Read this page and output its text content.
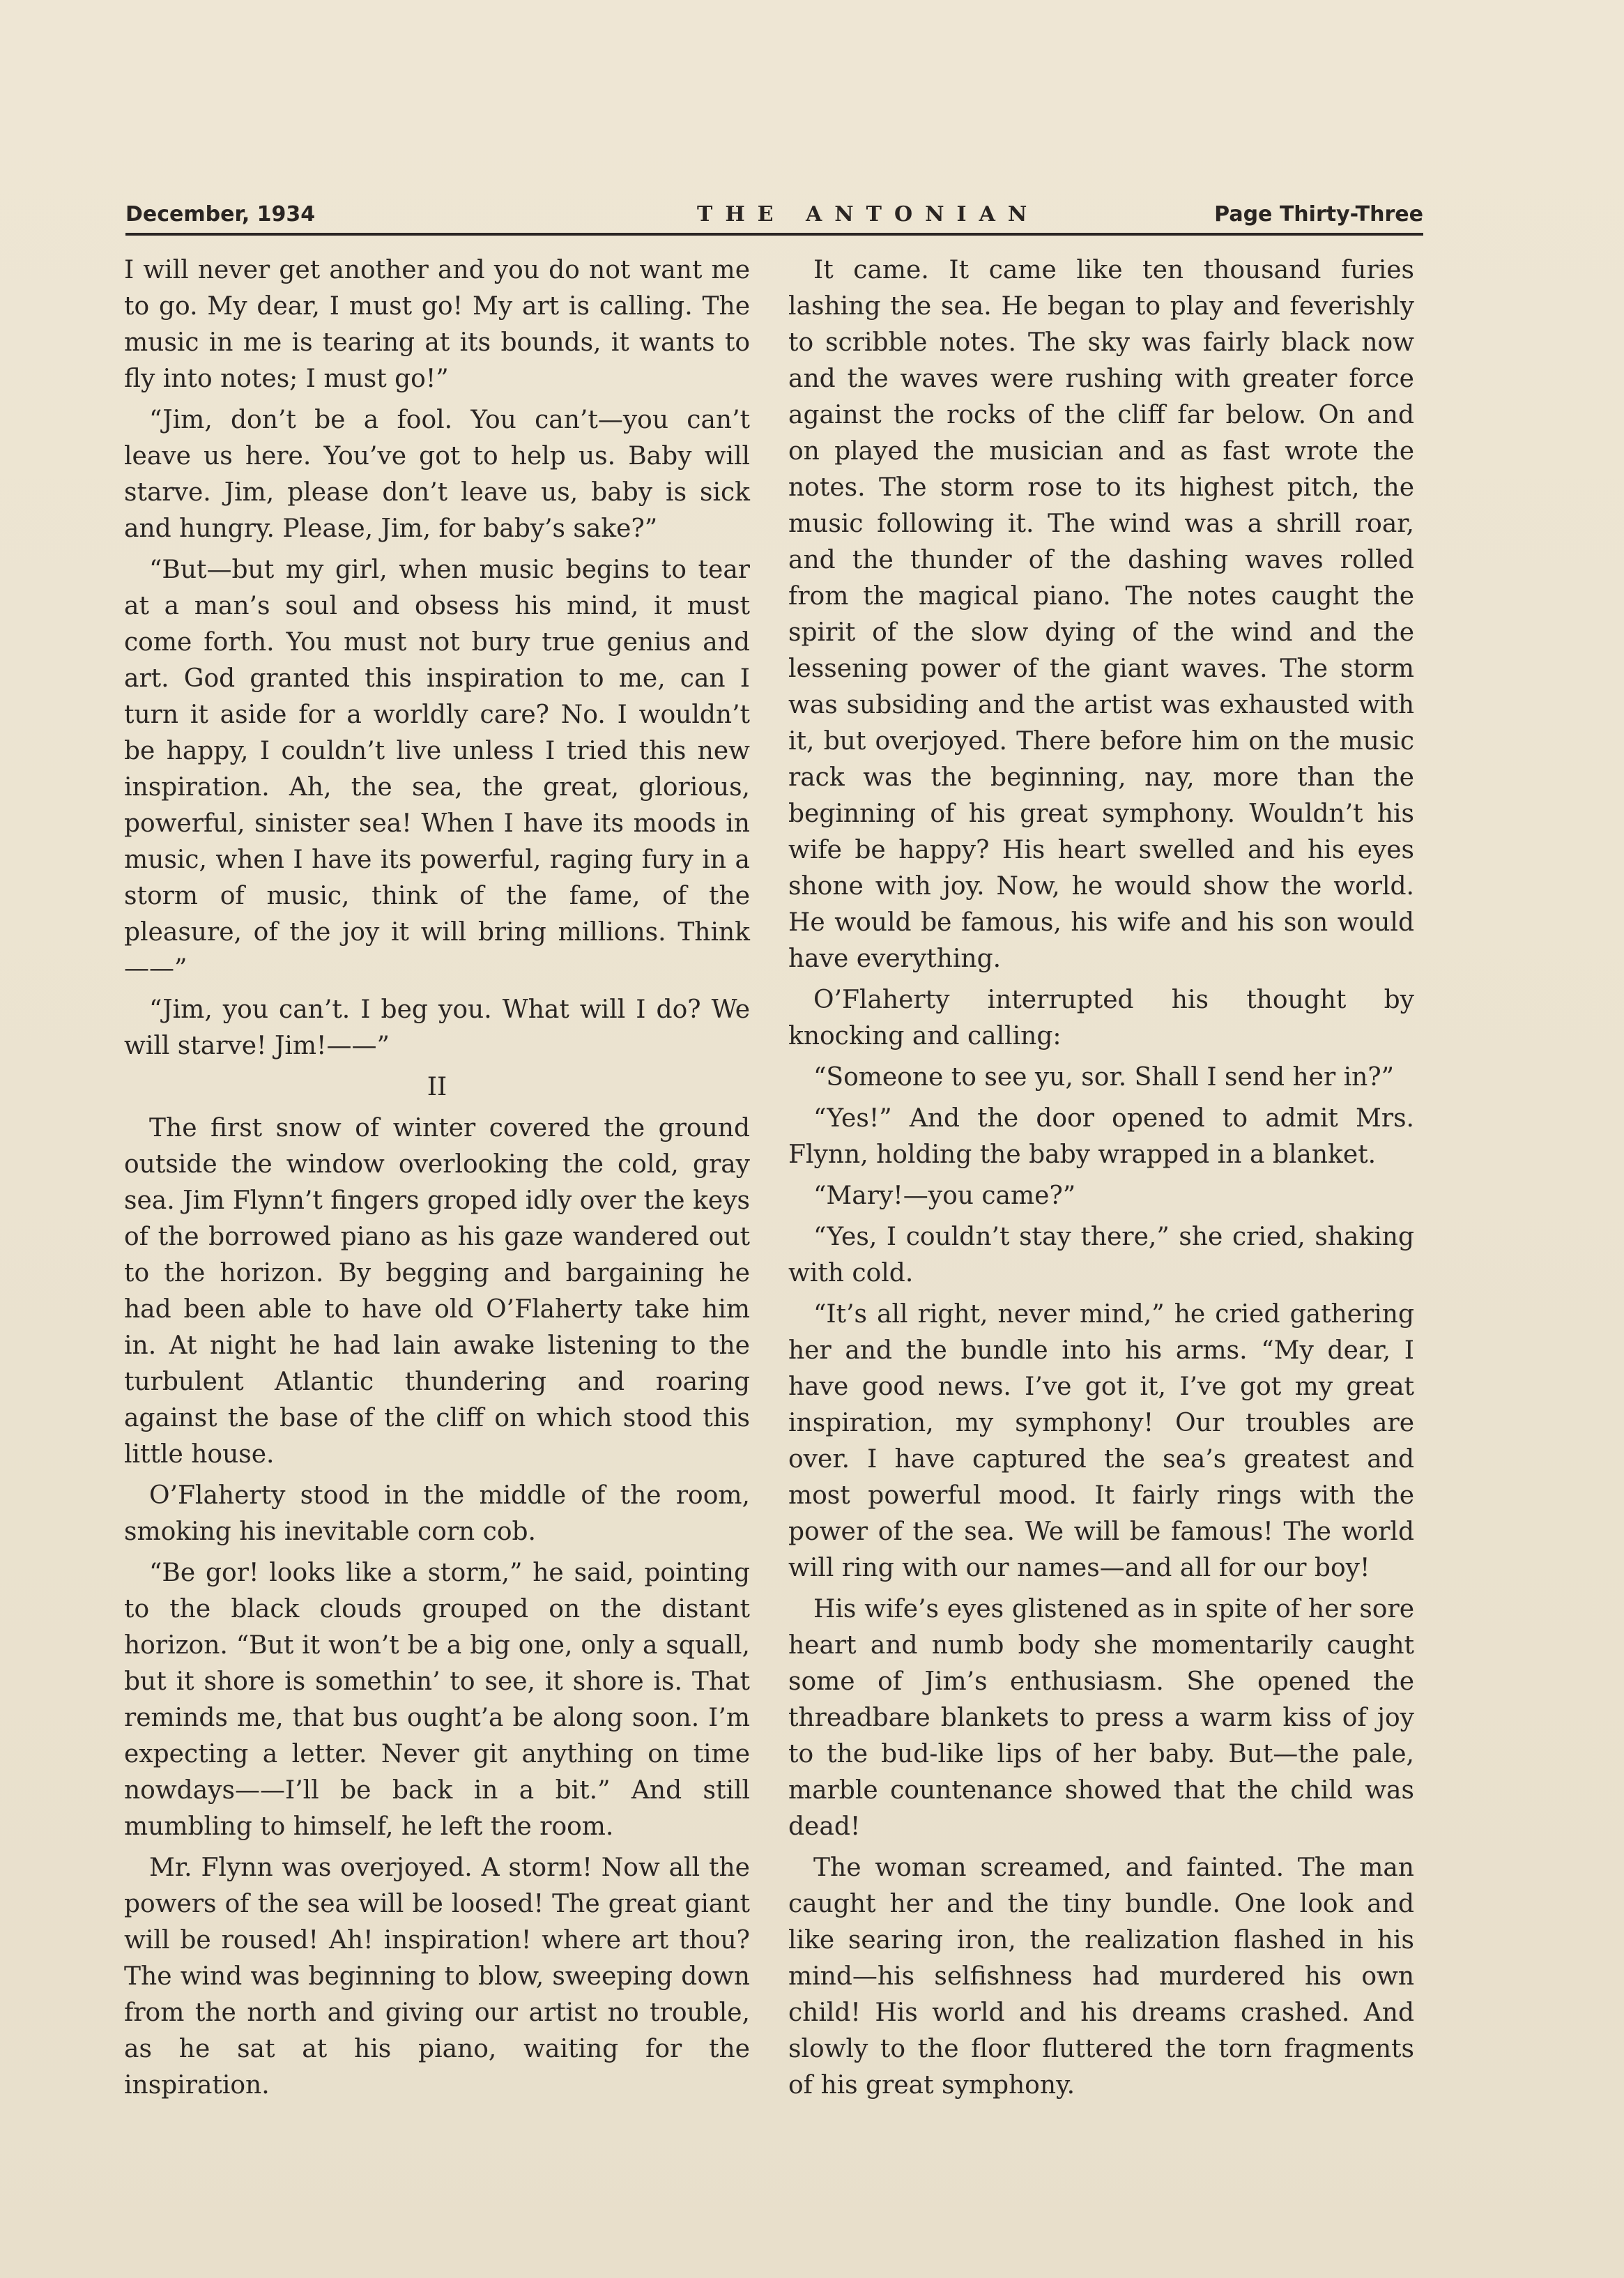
December, 1934	THE ANTONIAN	Page Thirty-Three

I will never get another and you do not want me to go. My dear, I must go! My art is calling. The music in me is tearing at its bounds, it wants to fly into notes; I must go!”

“Jim, don’t be a fool. You can’t—you can’t leave us here. You’ve got to help us. Baby will starve. Jim, please don’t leave us, baby is sick and hungry. Please, Jim, for baby’s sake?”

“But—but my girl, when music begins to tear at a man’s soul and obsess his mind, it must come forth. You must not bury true genius and art. God granted this inspiration to me, can I turn it aside for a worldly care? No. I wouldn’t be happy, I couldn’t live unless I tried this new inspiration. Ah, the sea, the great, glorious, powerful, sinister sea! When I have its moods in music, when I have its powerful, raging fury in a storm of music, think of the fame, of the pleasure, of the joy it will bring millions. Think——”

“Jim, you can’t. I beg you. What will I do? We will starve! Jim!——”

II

The first snow of winter covered the ground outside the window overlooking the cold, gray sea. Jim Flynn’t fingers groped idly over the keys of the borrowed piano as his gaze wandered out to the horizon. By begging and bargaining he had been able to have old O’Flaherty take him in. At night he had lain awake listening to the turbulent Atlantic thundering and roaring against the base of the cliff on which stood this little house.

O’Flaherty stood in the middle of the room, smoking his inevitable corn cob.

“Be gor! looks like a storm,” he said, pointing to the black clouds grouped on the distant horizon. “But it won’t be a big one, only a squall, but it shore is somethin’ to see, it shore is. That reminds me, that bus ought’a be along soon. I’m expecting a letter. Never git anything on time nowdays——I’ll be back in a bit.” And still mumbling to himself, he left the room.

Mr. Flynn was overjoyed. A storm! Now all the powers of the sea will be loosed! The great giant will be roused! Ah! inspiration! where art thou? The wind was beginning to blow, sweeping down from the north and giving our artist no trouble, as he sat at his piano, waiting for the inspiration.

It came. It came like ten thousand furies lashing the sea. He began to play and feverishly to scribble notes. The sky was fairly black now and the waves were rushing with greater force against the rocks of the cliff far below. On and on played the musician and as fast wrote the notes. The storm rose to its highest pitch, the music following it. The wind was a shrill roar, and the thunder of the dashing waves rolled from the magical piano. The notes caught the spirit of the slow dying of the wind and the lessening power of the giant waves. The storm was subsiding and the artist was exhausted with it, but overjoyed. There before him on the music rack was the beginning, nay, more than the beginning of his great symphony. Wouldn’t his wife be happy? His heart swelled and his eyes shone with joy. Now, he would show the world. He would be famous, his wife and his son would have everything.

O’Flaherty interrupted his thought by knocking and calling:

“Someone to see yu, sor. Shall I send her in?”

“Yes!” And the door opened to admit Mrs. Flynn, holding the baby wrapped in a blanket.

“Mary!—you came?”

“Yes, I couldn’t stay there,” she cried, shaking with cold.

“It’s all right, never mind,” he cried gathering her and the bundle into his arms. “My dear, I have good news. I’ve got it, I’ve got my great inspiration, my symphony! Our troubles are over. I have captured the sea’s greatest and most powerful mood. It fairly rings with the power of the sea. We will be famous! The world will ring with our names—and all for our boy!

His wife’s eyes glistened as in spite of her sore heart and numb body she momentarily caught some of Jim’s enthusiasm. She opened the threadbare blankets to press a warm kiss of joy to the bud-like lips of her baby. But—the pale, marble countenance showed that the child was dead!

The woman screamed, and fainted. The man caught her and the tiny bundle. One look and like searing iron, the realization flashed in his mind—his selfishness had murdered his own child! His world and his dreams crashed. And slowly to the floor fluttered the torn fragments of his great symphony.
